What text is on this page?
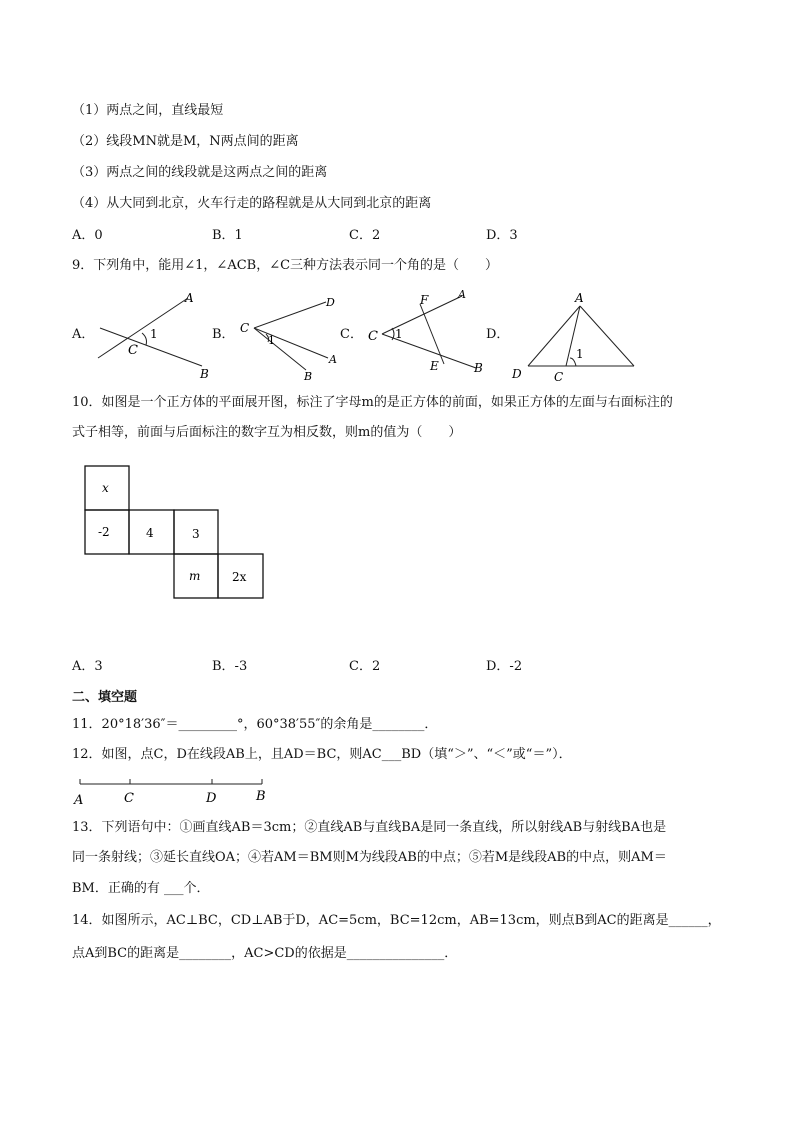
（1）两点之间，直线最短
（2）线段MN就是M，N两点间的距离
（3）两点之间的线段就是这两点之间的距离
（4）从大同到北京，火车行走的路程就是从大同到北京的距离
A．0	B．1	C．2	D．3
9．下列角中，能用∠1，∠ACB，∠C三种方法表示同一个角的是（　　）
A．	B．	C．	D．
A
C
B
1	C
D
A
B
1
F	A
C
E	B
1
A
D	C
1
10．如图是一个正方体的平面展开图，标注了字母m的是正方体的前面，如果正方体的左面与右面标注的
式子相等，前面与后面标注的数字互为相反数，则m的值为（　　）
x
-2	4	3
m	2x
A．3	B．-3	C．2	D．-2
二、填空题
11．20°18′36″＝_________°，60°38′55″的余角是________．
12．如图，点C，D在线段AB上，且AD＝BC，则AC___BD（填“＞”、“＜”或“＝”）．
A	C	D	B
13．下列语句中：①画直线AB＝3cm；②直线AB与直线BA是同一条直线，所以射线AB与射线BA也是
同一条射线；③延长直线OA；④若AM＝BM则M为线段AB的中点；⑤若M是线段AB的中点，则AM＝
BM．正确的有 ___个．
14．如图所示，AC⊥BC，CD⊥AB于D，AC=5cm，BC=12cm，AB=13cm，则点B到AC的距离是______，
点A到BC的距离是________，AC>CD的依据是_______________．
